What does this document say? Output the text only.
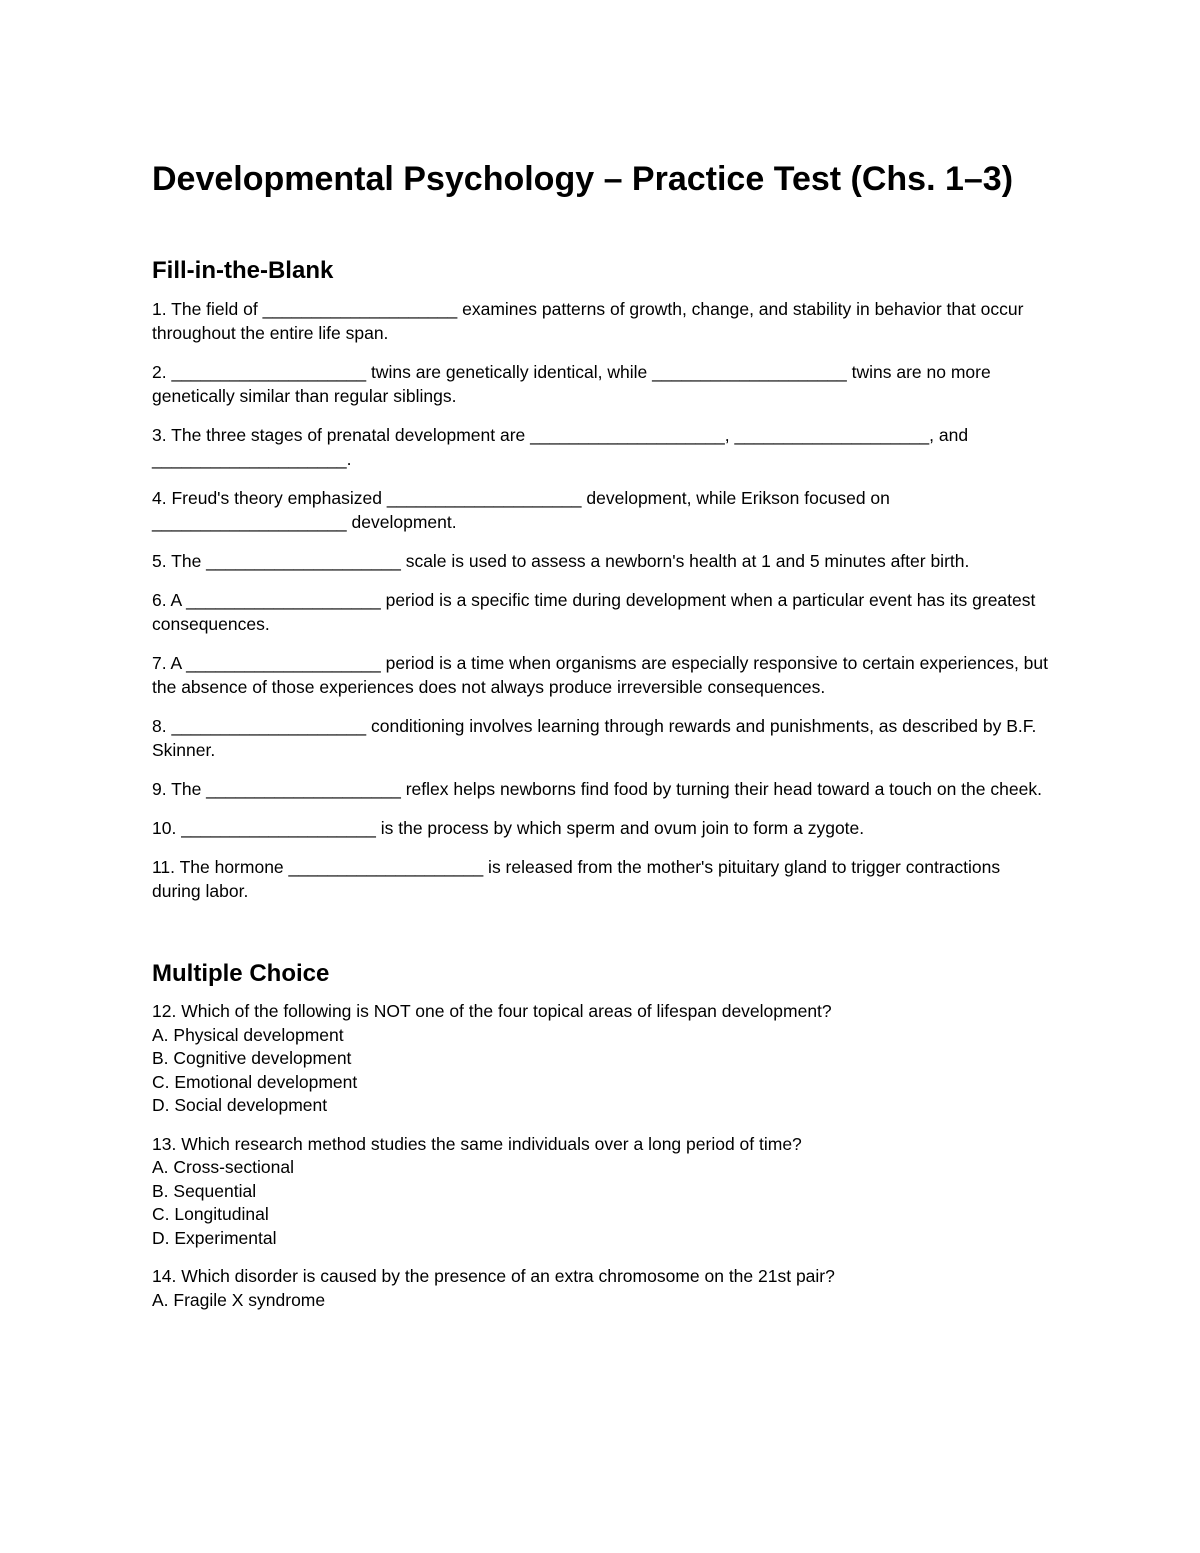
Developmental Psychology – Practice Test (Chs. 1–3)
Fill-in-the-Blank

1. The field of ____________________ examines patterns of growth, change, and stability in behavior that occur throughout the entire life span.

2. ____________________ twins are genetically identical, while ____________________ twins are no more genetically similar than regular siblings.

3. The three stages of prenatal development are ____________________, ____________________, and ____________________.

4. Freud's theory emphasized ____________________ development, while Erikson focused on ____________________ development.

5. The ____________________ scale is used to assess a newborn's health at 1 and 5 minutes after birth.

6. A ____________________ period is a specific time during development when a particular event has its greatest consequences.

7. A ____________________ period is a time when organisms are especially responsive to certain experiences, but the absence of those experiences does not always produce irreversible consequences.

8. ____________________ conditioning involves learning through rewards and punishments, as described by B.F. Skinner.

9. The ____________________ reflex helps newborns find food by turning their head toward a touch on the cheek.

10. ____________________ is the process by which sperm and ovum join to form a zygote.

11. The hormone ____________________ is released from the mother's pituitary gland to trigger contractions during labor.

Multiple Choice
12. Which of the following is NOT one of the four topical areas of lifespan development?
A. Physical development
B. Cognitive development
C. Emotional development
D. Social development
13. Which research method studies the same individuals over a long period of time?
A. Cross-sectional
B. Sequential
C. Longitudinal
D. Experimental
14. Which disorder is caused by the presence of an extra chromosome on the 21st pair?
A. Fragile X syndrome
